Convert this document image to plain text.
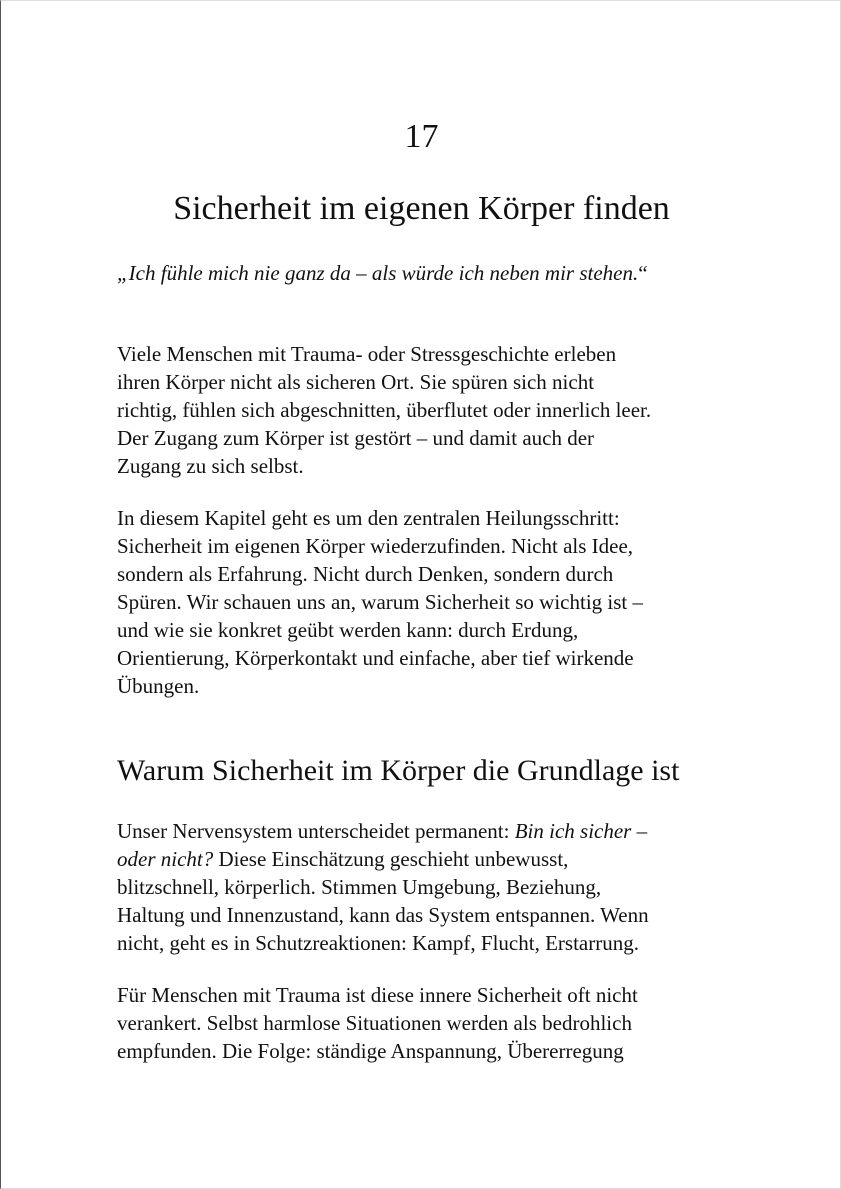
17
Sicherheit im eigenen Körper finden
„Ich fühle mich nie ganz da – als würde ich neben mir stehen.“

Viele Menschen mit Trauma- oder Stressgeschichte erleben
ihren Körper nicht als sicheren Ort. Sie spüren sich nicht
richtig, fühlen sich abgeschnitten, überflutet oder innerlich leer.
Der Zugang zum Körper ist gestört – und damit auch der
Zugang zu sich selbst.

In diesem Kapitel geht es um den zentralen Heilungsschritt:
Sicherheit im eigenen Körper wiederzufinden. Nicht als Idee,
sondern als Erfahrung. Nicht durch Denken, sondern durch
Spüren. Wir schauen uns an, warum Sicherheit so wichtig ist –
und wie sie konkret geübt werden kann: durch Erdung,
Orientierung, Körperkontakt und einfache, aber tief wirkende
Übungen.

Warum Sicherheit im Körper die Grundlage ist

Unser Nervensystem unterscheidet permanent: Bin ich sicher –
oder nicht? Diese Einschätzung geschieht unbewusst,
blitzschnell, körperlich. Stimmen Umgebung, Beziehung,
Haltung und Innenzustand, kann das System entspannen. Wenn
nicht, geht es in Schutzreaktionen: Kampf, Flucht, Erstarrung.

Für Menschen mit Trauma ist diese innere Sicherheit oft nicht
verankert. Selbst harmlose Situationen werden als bedrohlich
empfunden. Die Folge: ständige Anspannung, Übererregung
